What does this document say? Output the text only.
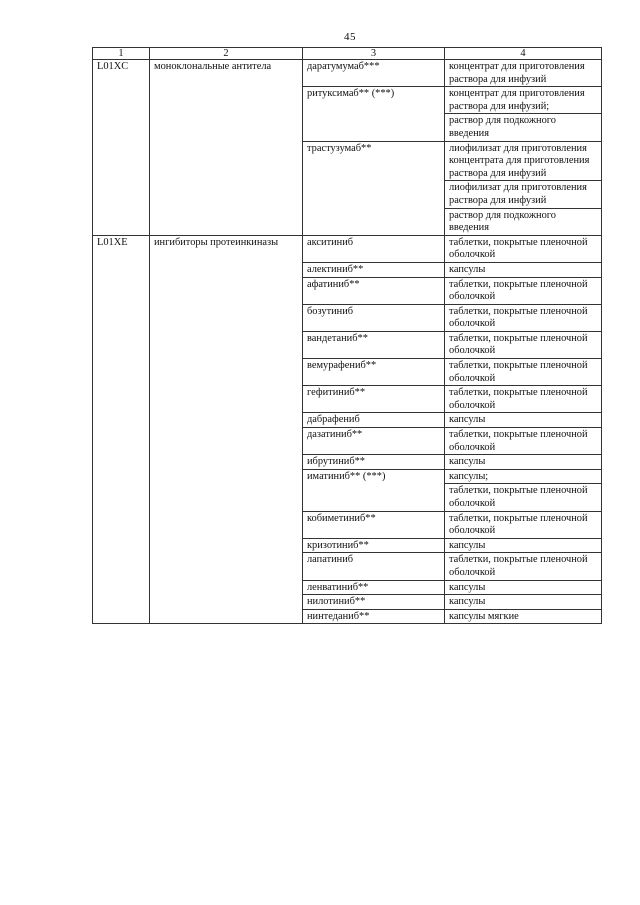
45
1	2	3	4
L01XC	моноклональные антитела	даратумумаб***	концентрат для приготовления раствора для инфузий
		ритуксимаб** (***)	концентрат для приготовления раствора для инфузий;
			раствор для подкожного введения
		трастузумаб**	лиофилизат для приготовления концентрата для приготовления раствора для инфузий
			лиофилизат для приготовления раствора для инфузий
			раствор для подкожного введения
L01XE	ингибиторы протеинкиназы	акситиниб	таблетки, покрытые пленочной оболочкой
		алектиниб**	капсулы
		афатиниб**	таблетки, покрытые пленочной оболочкой
		бозутиниб	таблетки, покрытые пленочной оболочкой
		вандетаниб**	таблетки, покрытые пленочной оболочкой
		вемурафениб**	таблетки, покрытые пленочной оболочкой
		гефитиниб**	таблетки, покрытые пленочной оболочкой
		дабрафениб	капсулы
		дазатиниб**	таблетки, покрытые пленочной оболочкой
		ибрутиниб**	капсулы
		иматиниб** (***)	капсулы;
			таблетки, покрытые пленочной оболочкой
		кобиметиниб**	таблетки, покрытые пленочной оболочкой
		кризотиниб**	капсулы
		лапатиниб	таблетки, покрытые пленочной оболочкой
		ленватиниб**	капсулы
		нилотиниб**	капсулы
		нинтеданиб**	капсулы мягкие
